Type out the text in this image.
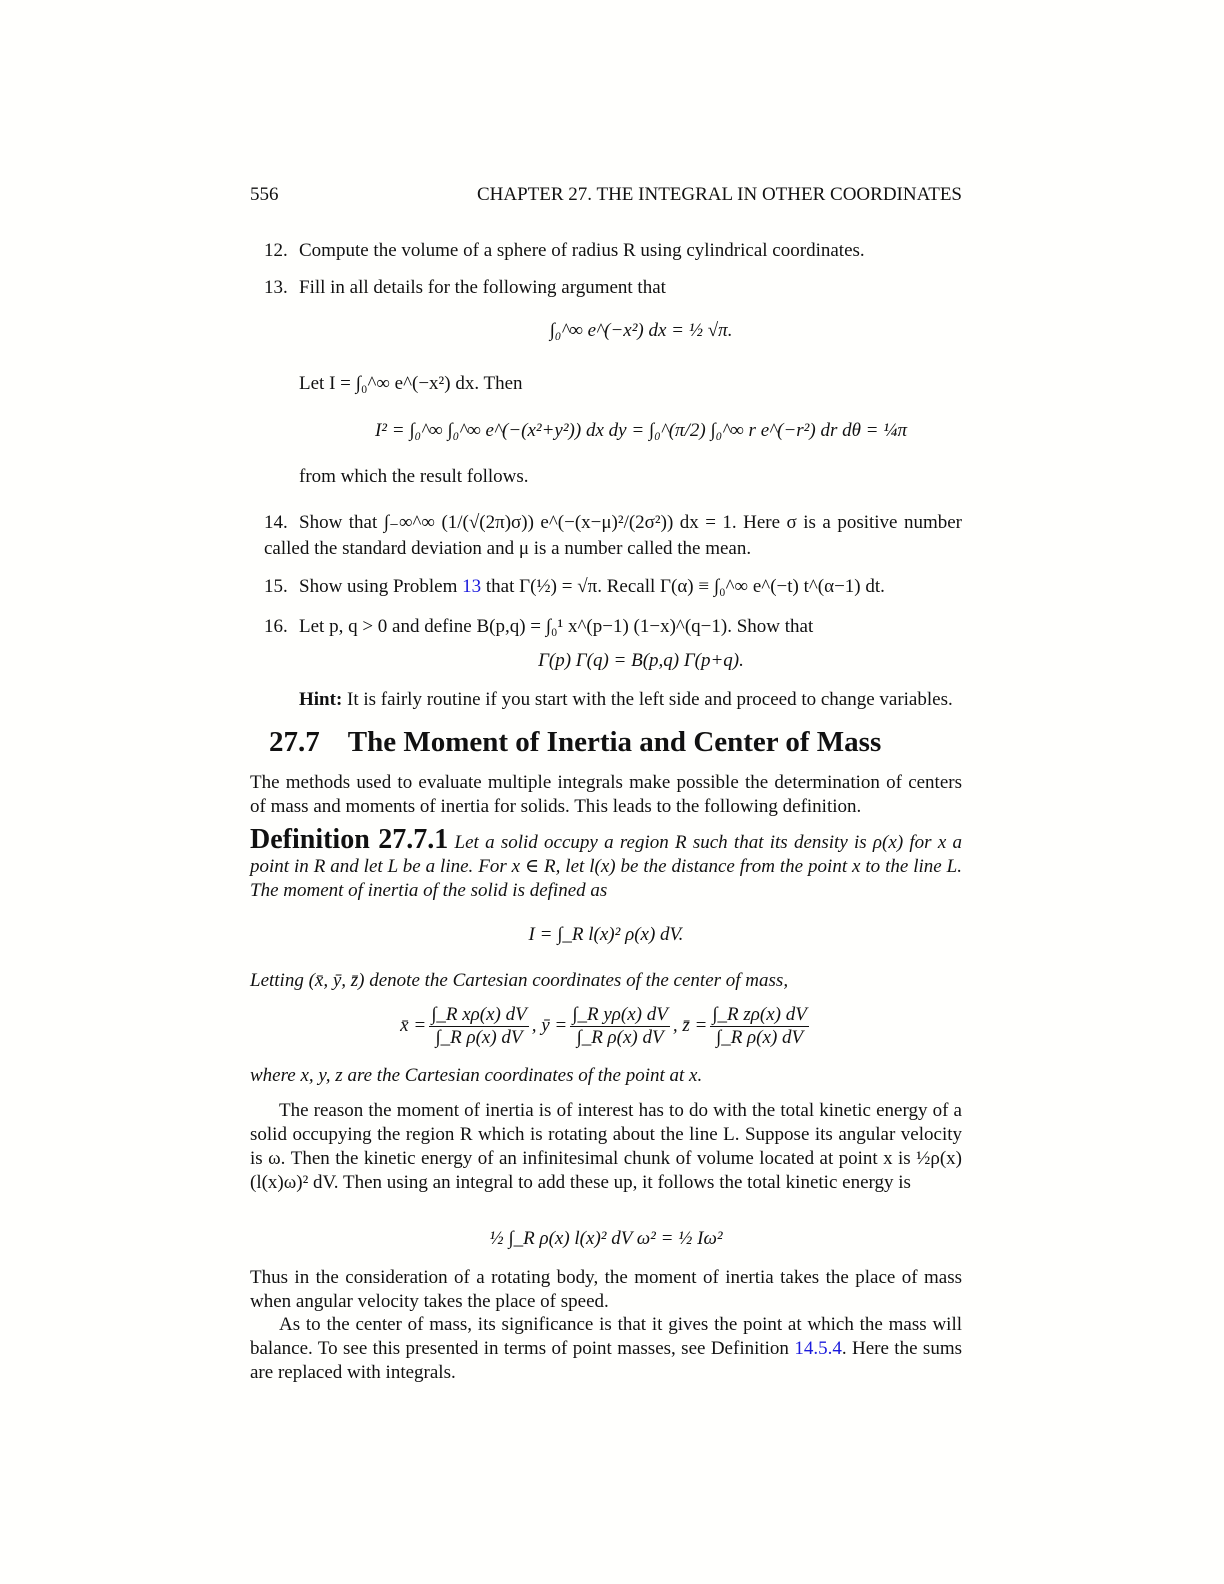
556	CHAPTER 27. THE INTEGRAL IN OTHER COORDINATES
12. Compute the volume of a sphere of radius R using cylindrical coordinates.
13. Fill in all details for the following argument that
∫₀^∞ e^(−x²) dx = ½ √π.
Let I = ∫₀^∞ e^(−x²) dx. Then
I² = ∫₀^∞ ∫₀^∞ e^(−(x²+y²)) dx dy = ∫₀^(π/2) ∫₀^∞ r e^(−r²) dr dθ = ¼π
from which the result follows.
14. Show that ∫₋∞^∞ (1/(√(2π)σ)) e^(−(x−μ)²/(2σ²)) dx = 1. Here σ is a positive number called the standard deviation and μ is a number called the mean.
15. Show using Problem 13 that Γ(½) = √π. Recall Γ(α) ≡ ∫₀^∞ e^(−t) t^(α−1) dt.
16. Let p, q > 0 and define B(p,q) = ∫₀¹ x^(p−1) (1−x)^(q−1). Show that
Γ(p) Γ(q) = B(p,q) Γ(p+q).
Hint: It is fairly routine if you start with the left side and proceed to change variables.
27.7 The Moment of Inertia and Center of Mass
The methods used to evaluate multiple integrals make possible the determination of centers of mass and moments of inertia for solids. This leads to the following definition.
Definition 27.7.1 Let a solid occupy a region R such that its density is ρ(x) for x a point in R and let L be a line. For x ∈ R, let l(x) be the distance from the point x to the line L. The moment of inertia of the solid is defined as
I = ∫_R l(x)² ρ(x) dV.
Letting (x̄, ȳ, z̄) denote the Cartesian coordinates of the center of mass,
x̄ = $\frac{\text{∫\_R xρ(x) dV}}{\text{∫\_R ρ(x) dV}}$ , ȳ = $\frac{\text{∫\_R yρ(x) dV}}{\text{∫\_R ρ(x) dV}}$ , z̄ = $\frac{\text{∫\_R zρ(x) dV}}{\text{∫\_R ρ(x) dV}}$
where x, y, z are the Cartesian coordinates of the point at x.
The reason the moment of inertia is of interest has to do with the total kinetic energy of a solid occupying the region R which is rotating about the line L. Suppose its angular velocity is ω. Then the kinetic energy of an infinitesimal chunk of volume located at point x is ½ρ(x)(l(x)ω)² dV. Then using an integral to add these up, it follows the total kinetic energy is
½ ∫_R ρ(x) l(x)² dV ω² = ½ Iω²
Thus in the consideration of a rotating body, the moment of inertia takes the place of mass when angular velocity takes the place of speed.
As to the center of mass, its significance is that it gives the point at which the mass will balance. To see this presented in terms of point masses, see Definition 14.5.4. Here the sums are replaced with integrals.
